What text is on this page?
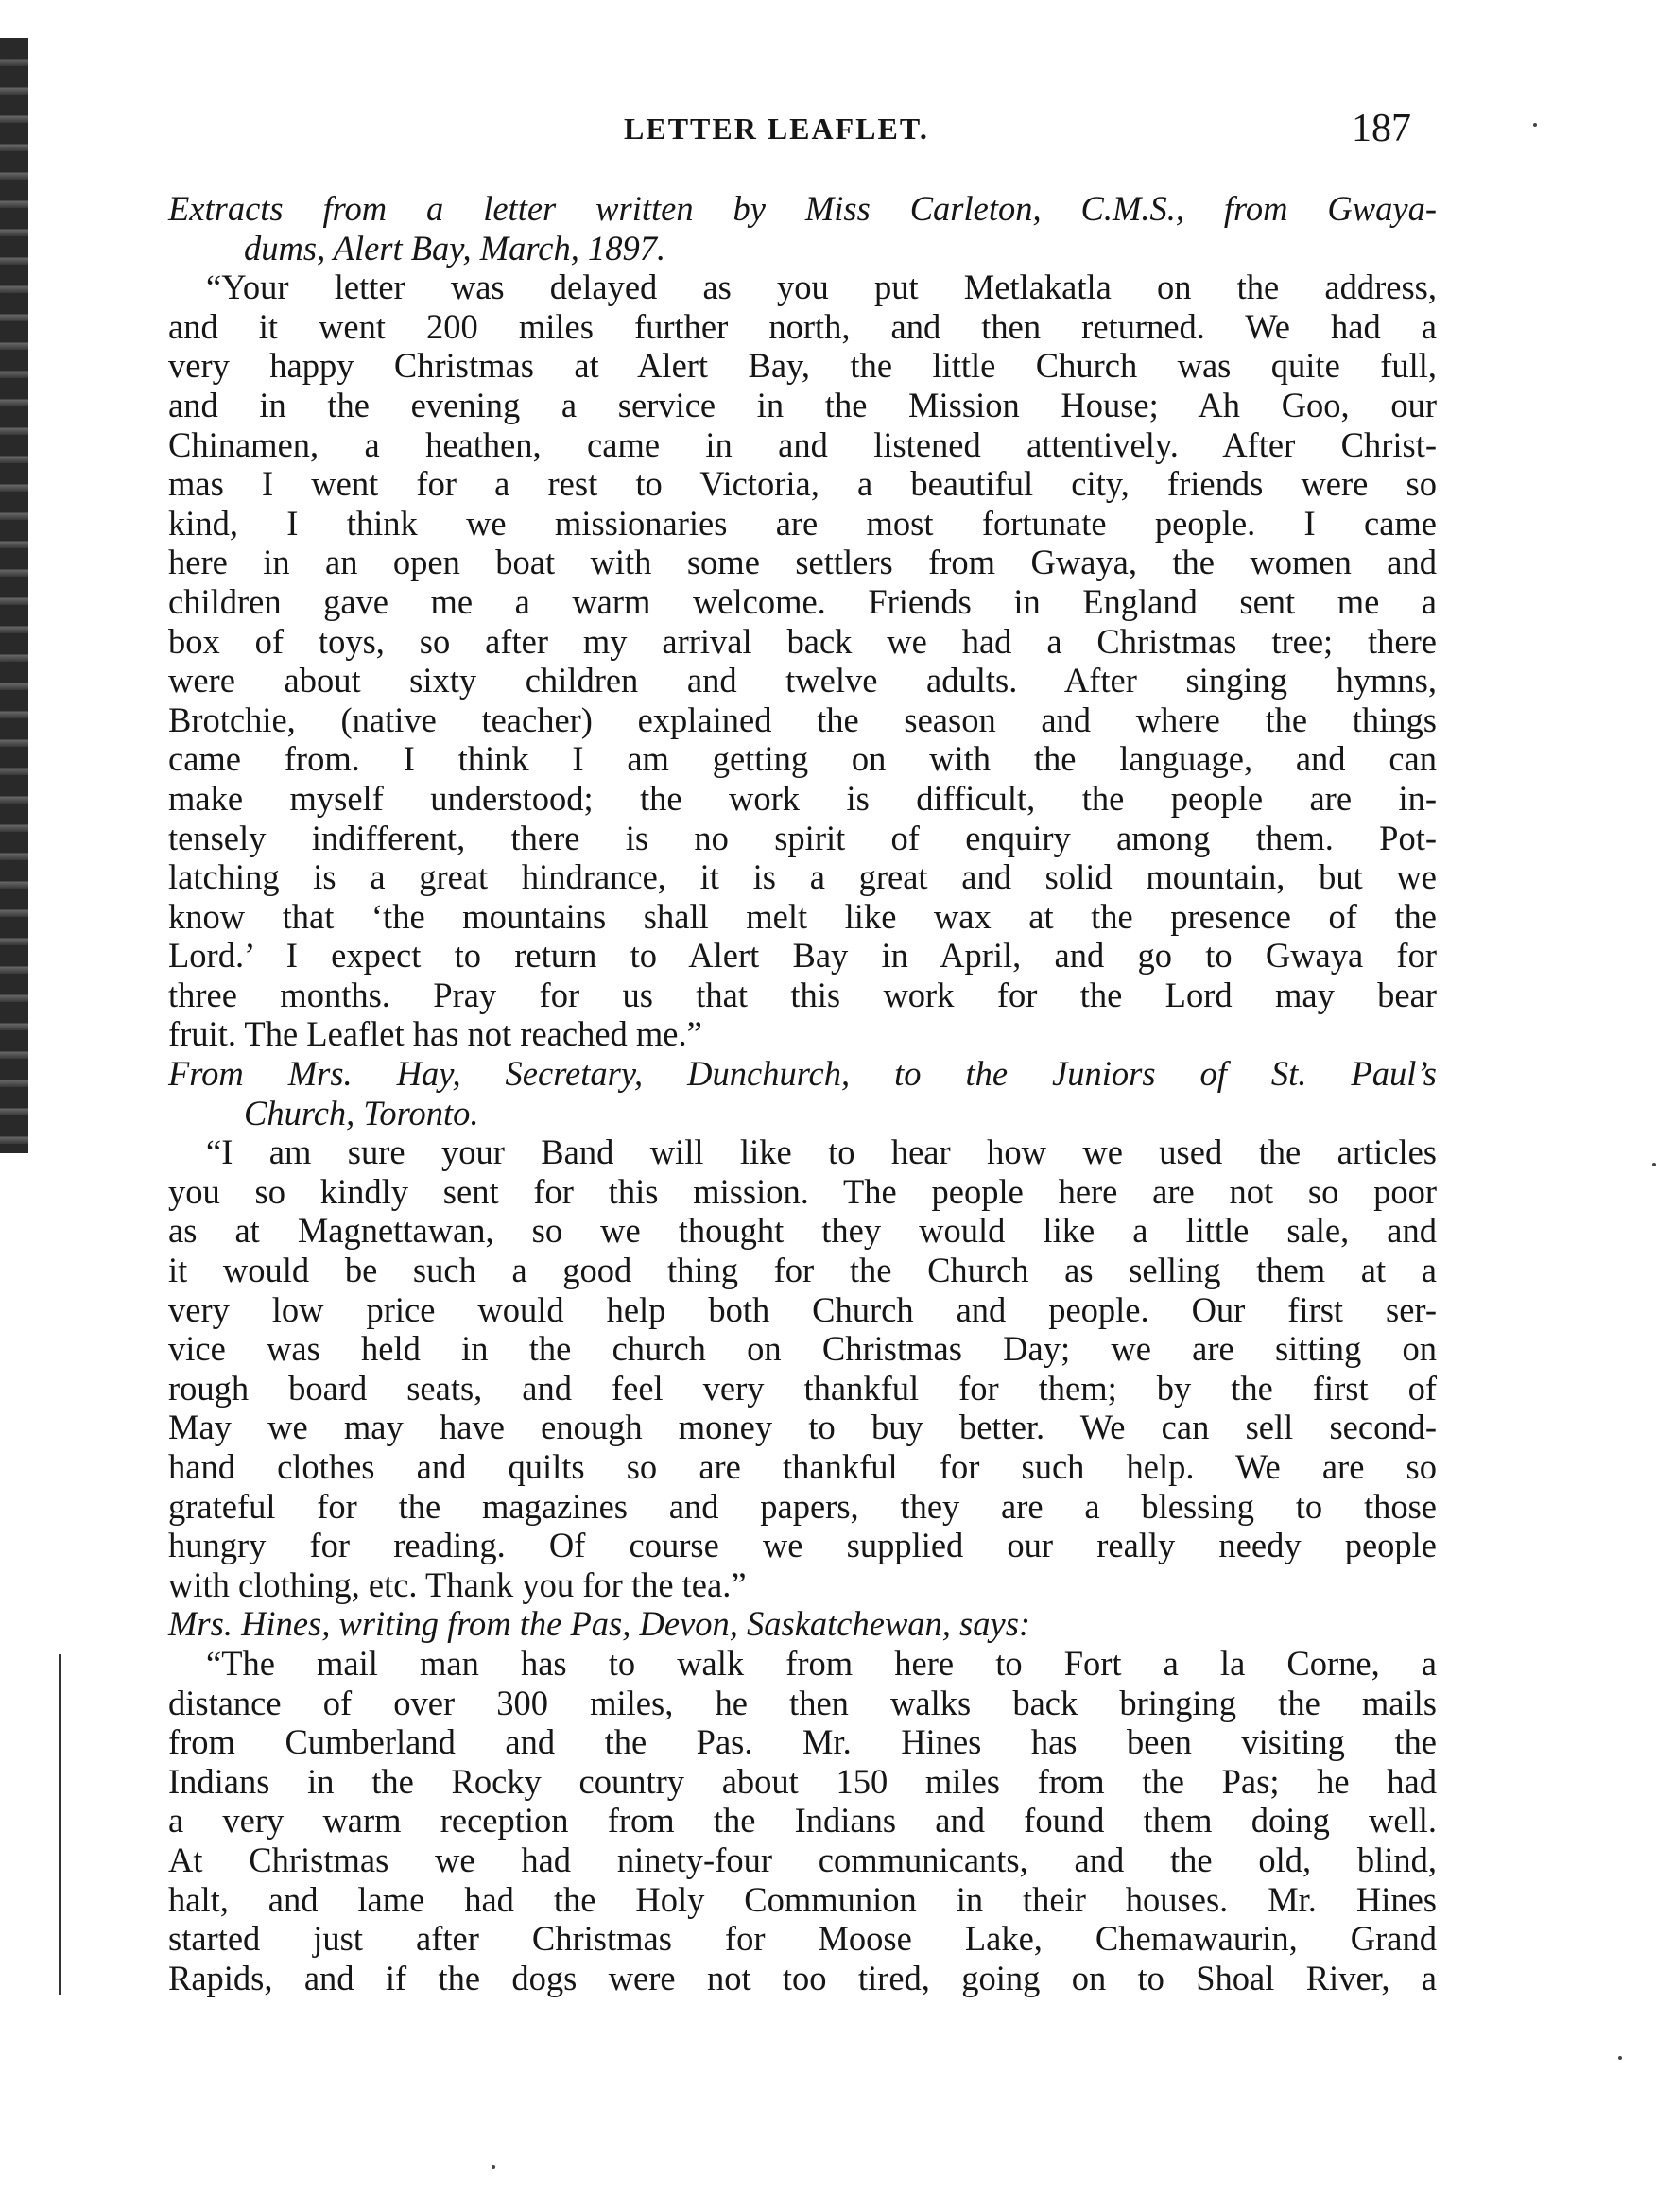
LETTER LEAFLET.	187
Extracts from a letter written by Miss Carleton, C.M.S., from Gwaya-
dums, Alert Bay, March, 1897.
“Your letter was delayed as you put Metlakatla on the address,
and it went 200 miles further north, and then returned. We had a
very happy Christmas at Alert Bay, the little Church was quite full,
and in the evening a service in the Mission House; Ah Goo, our
Chinamen, a heathen, came in and listened attentively. After Christ-
mas I went for a rest to Victoria, a beautiful city, friends were so
kind, I think we missionaries are most fortunate people. I came
here in an open boat with some settlers from Gwaya, the women and
children gave me a warm welcome. Friends in England sent me a
box of toys, so after my arrival back we had a Christmas tree; there
were about sixty children and twelve adults. After singing hymns,
Brotchie, (native teacher) explained the season and where the things
came from. I think I am getting on with the language, and can
make myself understood; the work is difficult, the people are in-
tensely indifferent, there is no spirit of enquiry among them. Pot-
latching is a great hindrance, it is a great and solid mountain, but we
know that ‘the mountains shall melt like wax at the presence of the
Lord.’ I expect to return to Alert Bay in April, and go to Gwaya for
three months. Pray for us that this work for the Lord may bear
fruit. The Leaflet has not reached me.”
From Mrs. Hay, Secretary, Dunchurch, to the Juniors of St. Paul’s
Church, Toronto.
“I am sure your Band will like to hear how we used the articles
you so kindly sent for this mission. The people here are not so poor
as at Magnettawan, so we thought they would like a little sale, and
it would be such a good thing for the Church as selling them at a
very low price would help both Church and people. Our first ser-
vice was held in the church on Christmas Day; we are sitting on
rough board seats, and feel very thankful for them; by the first of
May we may have enough money to buy better. We can sell second-
hand clothes and quilts so are thankful for such help. We are so
grateful for the magazines and papers, they are a blessing to those
hungry for reading. Of course we supplied our really needy people
with clothing, etc. Thank you for the tea.”
Mrs. Hines, writing from the Pas, Devon, Saskatchewan, says:
“The mail man has to walk from here to Fort a la Corne, a
distance of over 300 miles, he then walks back bringing the mails
from Cumberland and the Pas. Mr. Hines has been visiting the
Indians in the Rocky country about 150 miles from the Pas; he had
a very warm reception from the Indians and found them doing well.
At Christmas we had ninety-four communicants, and the old, blind,
halt, and lame had the Holy Communion in their houses. Mr. Hines
started just after Christmas for Moose Lake, Chemawaurin, Grand
Rapids, and if the dogs were not too tired, going on to Shoal River, a
